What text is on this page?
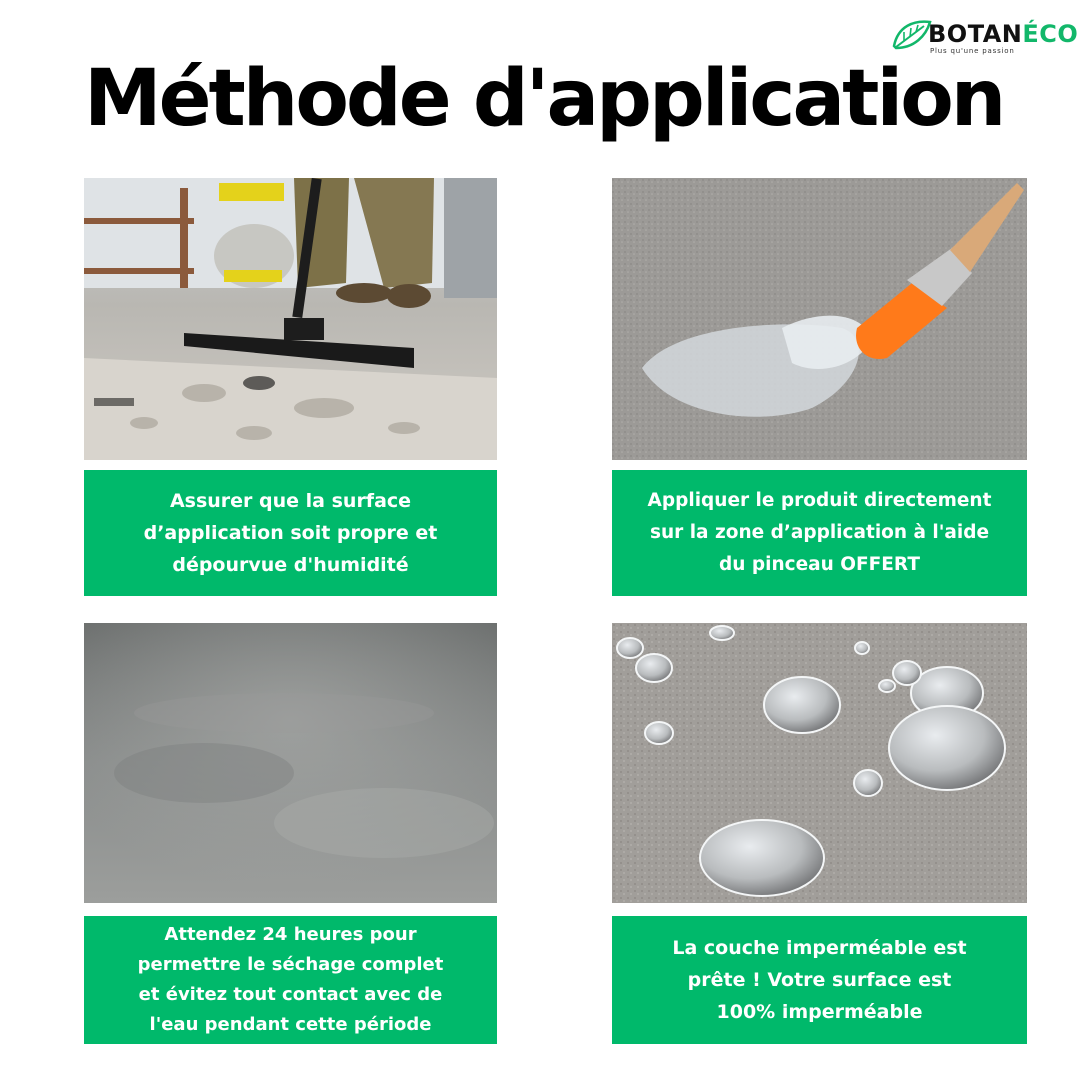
BOTANÉCO
Plus qu'une passion
Méthode d'application
Assurer que la surface
d’application soit propre et
dépourvue d'humidité
Appliquer le produit directement
sur la zone d’application à l'aide
du pinceau OFFERT
Attendez 24 heures pour
permettre le séchage complet
et évitez tout contact avec de
l'eau pendant cette période
La couche imperméable est
prête ! Votre surface est
100% imperméable
